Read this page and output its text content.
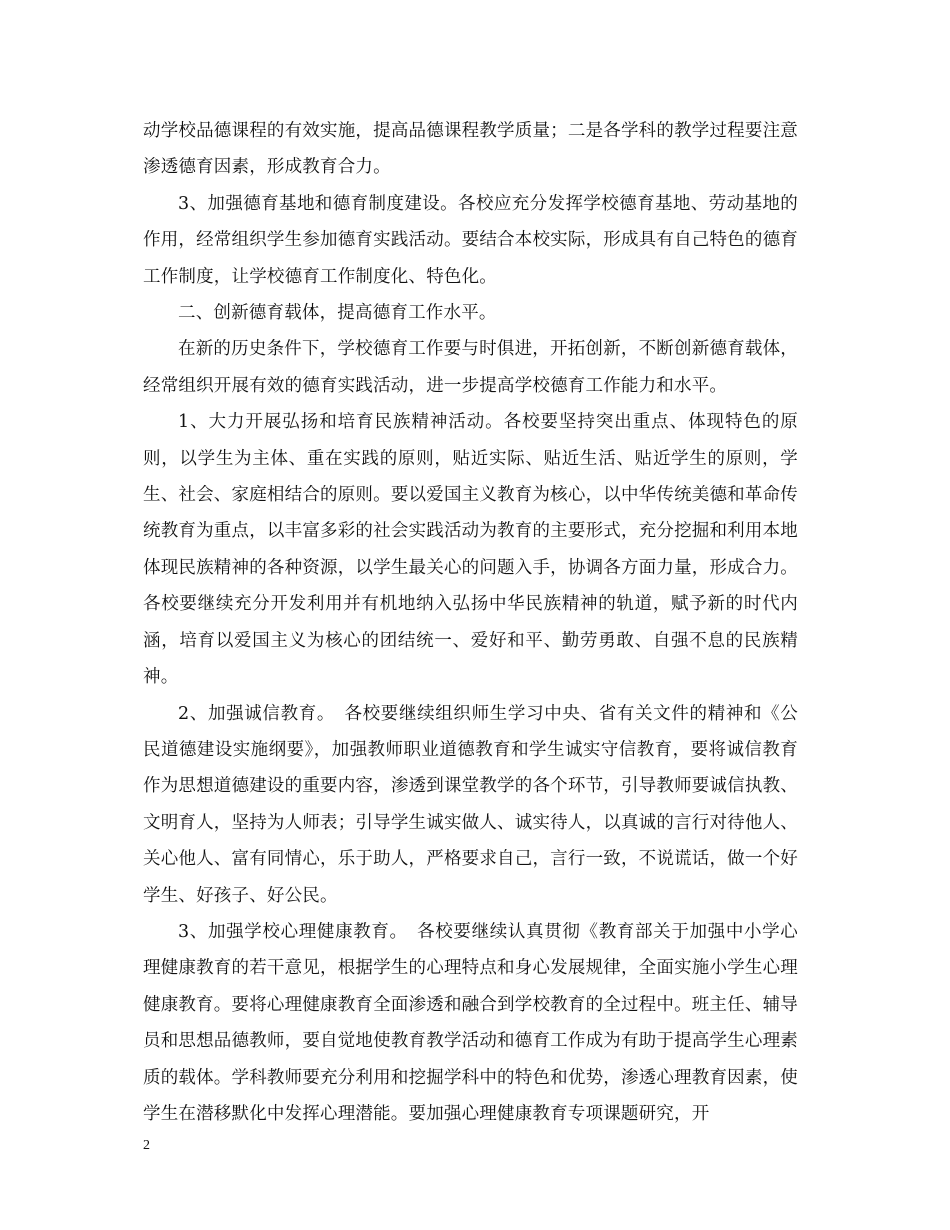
动学校品德课程的有效实施，提高品德课程教学质量；二是各学科的教学过程要注意渗透德育因素，形成教育合力。

3、加强德育基地和德育制度建设。各校应充分发挥学校德育基地、劳动基地的作用，经常组织学生参加德育实践活动。要结合本校实际，形成具有自己特色的德育工作制度，让学校德育工作制度化、特色化。

二、创新德育载体，提高德育工作水平。

在新的历史条件下，学校德育工作要与时俱进，开拓创新，不断创新德育载体，经常组织开展有效的德育实践活动，进一步提高学校德育工作能力和水平。

1、大力开展弘扬和培育民族精神活动。各校要坚持突出重点、体现特色的原则，以学生为主体、重在实践的原则，贴近实际、贴近生活、贴近学生的原则，学生、社会、家庭相结合的原则。要以爱国主义教育为核心，以中华传统美德和革命传统教育为重点，以丰富多彩的社会实践活动为教育的主要形式，充分挖掘和利用本地体现民族精神的各种资源，以学生最关心的问题入手，协调各方面力量，形成合力。各校要继续充分开发利用并有机地纳入弘扬中华民族精神的轨道，赋予新的时代内涵，培育以爱国主义为核心的团结统一、爱好和平、勤劳勇敢、自强不息的民族精神。

2、加强诚信教育。　各校要继续组织师生学习中央、省有关文件的精神和《公民道德建设实施纲要》，加强教师职业道德教育和学生诚实守信教育，要将诚信教育作为思想道德建设的重要内容，渗透到课堂教学的各个环节，引导教师要诚信执教、文明育人，坚持为人师表；引导学生诚实做人、诚实待人，以真诚的言行对待他人、关心他人、富有同情心，乐于助人，严格要求自己，言行一致，不说谎话，做一个好学生、好孩子、好公民。

3、加强学校心理健康教育。　各校要继续认真贯彻《教育部关于加强中小学心理健康教育的若干意见，根据学生的心理特点和身心发展规律，全面实施小学生心理健康教育。要将心理健康教育全面渗透和融合到学校教育的全过程中。班主任、辅导员和思想品德教师，要自觉地使教育教学活动和德育工作成为有助于提高学生心理素质的载体。学科教师要充分利用和挖掘学科中的特色和优势，渗透心理教育因素，使学生在潜移默化中发挥心理潜能。要加强心理健康教育专项课题研究，开

2
